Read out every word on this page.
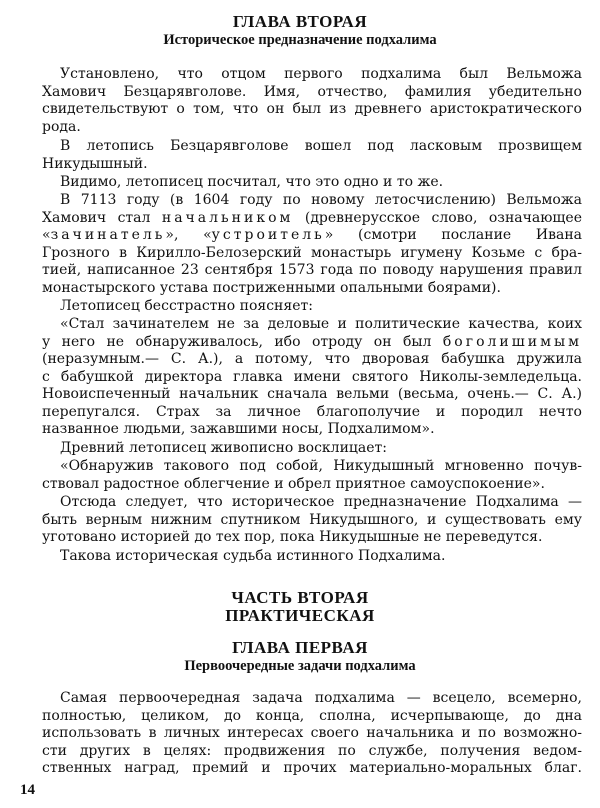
ГЛАВА ВТОРАЯ
Историческое предназначение подхалима

Установлено, что отцом первого подхалима был Вельможа
Хамович Безцарявголове. Имя, отчество, фамилия убедительно
свидетельствуют о том, что он был из древнего аристократического
рода.

В летопись Безцарявголове вошел под ласковым прозвищем
Никудышный.

Видимо, летописец посчитал, что это одно и то же.

В 7113 году (в 1604 году по новому летосчислению) Вельможа
Хамович стал начальником (древнерусское слово, означающее
«зачинатель», «устроитель» (смотри послание Ивана
Грозного в Кирилло-Белозерский монастырь игумену Козьме с бра-
тией, написанное 23 сентября 1573 года по поводу нарушения правил
монастырского устава постриженными опальными боярами).

Летописец бесстрастно поясняет:

«Стал зачинателем не за деловые и политические качества, коих
у него не обнаруживалось, ибо отроду он был боголишимым
(неразумным.— С. А.), а потому, что дворовая бабушка дружила
с бабушкой директора главка имени святого Николы-земледельца.
Новоиспеченный начальник сначала вельми (весьма, очень.— С. А.)
перепугался. Страх за личное благополучие и породил нечто
названное людьми, зажавшими носы, Подхалимом».

Древний летописец живописно восклицает:

«Обнаружив такового под собой, Никудышный мгновенно почув-
ствовал радостное облегчение и обрел приятное самоуспокоение».

Отсюда следует, что историческое предназначение Подхалима —
быть верным нижним спутником Никудышного, и существовать ему
уготовано историей до тех пор, пока Никудышные не переведутся.

Такова историческая судьба истинного Подхалима.

ЧАСТЬ ВТОРАЯ
ПРАКТИЧЕСКАЯ
ГЛАВА ПЕРВАЯ
Первоочередные задачи подхалима

Самая первоочередная задача подхалима — всецело, всемерно,
полностью, целиком, до конца, сполна, исчерпывающе, до дна
использовать в личных интересах своего начальника и по возможно-
сти других в целях: продвижения по службе, получения ведом-
ственных наград, премий и прочих материально-моральных благ.

14
